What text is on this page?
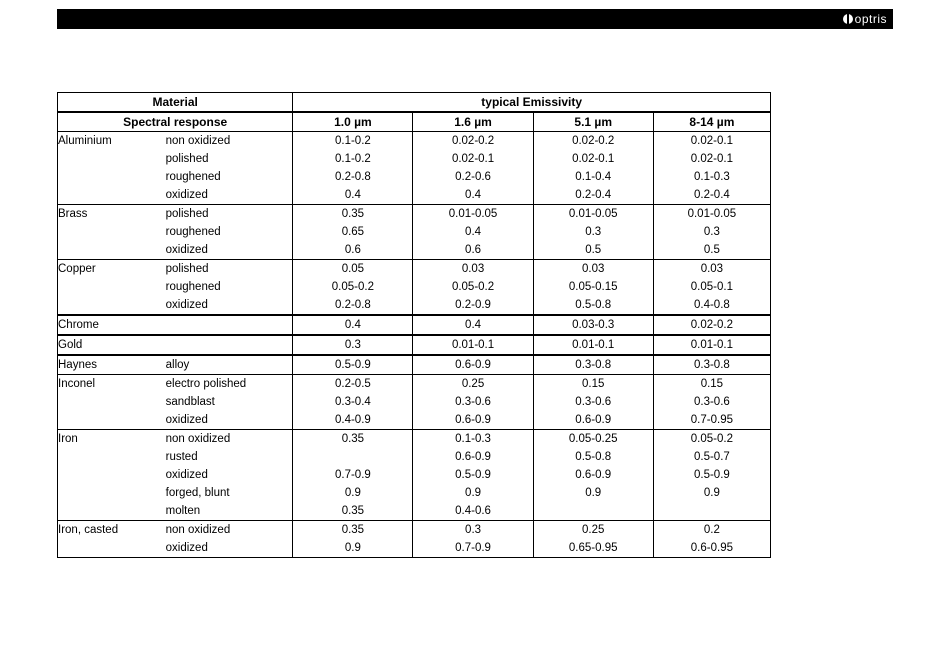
optris
Material		typical Emissivity			
Spectral response		1.0 µm	1.6 µm	5.1 µm	8-14 µm
Aluminium	non oxidized	0.1-0.2	0.02-0.2	0.02-0.2	0.02-0.1
	polished	0.1-0.2	0.02-0.1	0.02-0.1	0.02-0.1
	roughened	0.2-0.8	0.2-0.6	0.1-0.4	0.1-0.3
	oxidized	0.4	0.4	0.2-0.4	0.2-0.4
Brass	polished	0.35	0.01-0.05	0.01-0.05	0.01-0.05
	roughened	0.65	0.4	0.3	0.3
	oxidized	0.6	0.6	0.5	0.5
Copper	polished	0.05	0.03	0.03	0.03
	roughened	0.05-0.2	0.05-0.2	0.05-0.15	0.05-0.1
	oxidized	0.2-0.8	0.2-0.9	0.5-0.8	0.4-0.8
Chrome		0.4	0.4	0.03-0.3	0.02-0.2
Gold		0.3	0.01-0.1	0.01-0.1	0.01-0.1
Haynes	alloy	0.5-0.9	0.6-0.9	0.3-0.8	0.3-0.8
Inconel	electro polished	0.2-0.5	0.25	0.15	0.15
	sandblast	0.3-0.4	0.3-0.6	0.3-0.6	0.3-0.6
	oxidized	0.4-0.9	0.6-0.9	0.6-0.9	0.7-0.95
Iron	non oxidized	0.35	0.1-0.3	0.05-0.25	0.05-0.2
	rusted		0.6-0.9	0.5-0.8	0.5-0.7
	oxidized	0.7-0.9	0.5-0.9	0.6-0.9	0.5-0.9
	forged, blunt	0.9	0.9	0.9	0.9
	molten	0.35	0.4-0.6		
Iron, casted	non oxidized	0.35	0.3	0.25	0.2
	oxidized	0.9	0.7-0.9	0.65-0.95	0.6-0.95
